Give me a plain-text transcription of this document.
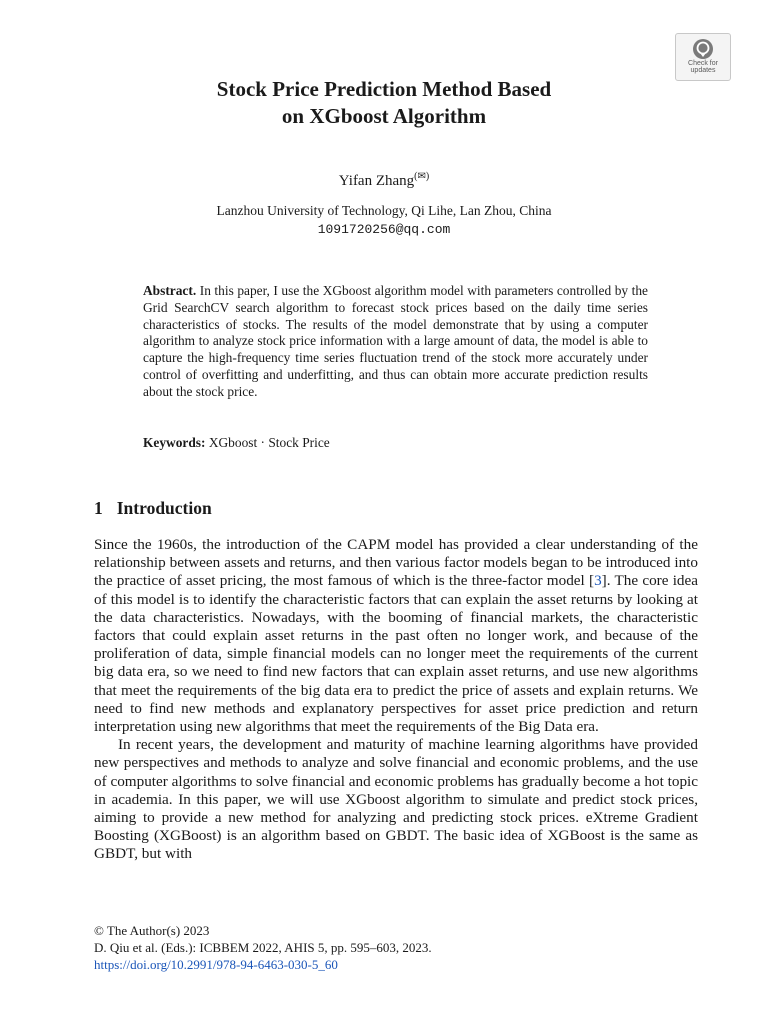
Check for
updates
Stock Price Prediction Method Based
on XGboost Algorithm
Yifan Zhang(✉)
Lanzhou University of Technology, Qi Lihe, Lan Zhou, China
1091720256@qq.com
Abstract. In this paper, I use the XGboost algorithm model with parameters controlled by the Grid SearchCV search algorithm to forecast stock prices based on the daily time series characteristics of stocks. The results of the model demonstrate that by using a computer algorithm to analyze stock price information with a large amount of data, the model is able to capture the high-frequency time series fluctuation trend of the stock more accurately under control of overfitting and underfitting, and thus can obtain more accurate prediction results about the stock price.
Keywords: XGboost · Stock Price
1 Introduction

Since the 1960s, the introduction of the CAPM model has provided a clear understanding of the relationship between assets and returns, and then various factor models began to be introduced into the practice of asset pricing, the most famous of which is the three-factor model [3]. The core idea of this model is to identify the characteristic factors that can explain the asset returns by looking at the data characteristics. Nowadays, with the booming of financial markets, the characteristic factors that could explain asset returns in the past often no longer work, and because of the proliferation of data, simple financial models can no longer meet the requirements of the current big data era, so we need to find new factors that can explain asset returns, and use new algorithms that meet the requirements of the big data era to predict the price of assets and explain returns. We need to find new methods and explanatory perspectives for asset price prediction and return interpretation using new algorithms that meet the requirements of the Big Data era.

In recent years, the development and maturity of machine learning algorithms have provided new perspectives and methods to analyze and solve financial and economic problems, and the use of computer algorithms to solve financial and economic problems has gradually become a hot topic in academia. In this paper, we will use XGboost algorithm to simulate and predict stock prices, aiming to provide a new method for analyzing and predicting stock prices. eXtreme Gradient Boosting (XGBoost) is an algorithm based on GBDT. The basic idea of XGBoost is the same as GBDT, but with

© The Author(s) 2023
D. Qiu et al. (Eds.): ICBBEM 2022, AHIS 5, pp. 595–603, 2023.
https://doi.org/10.2991/978-94-6463-030-5_60
